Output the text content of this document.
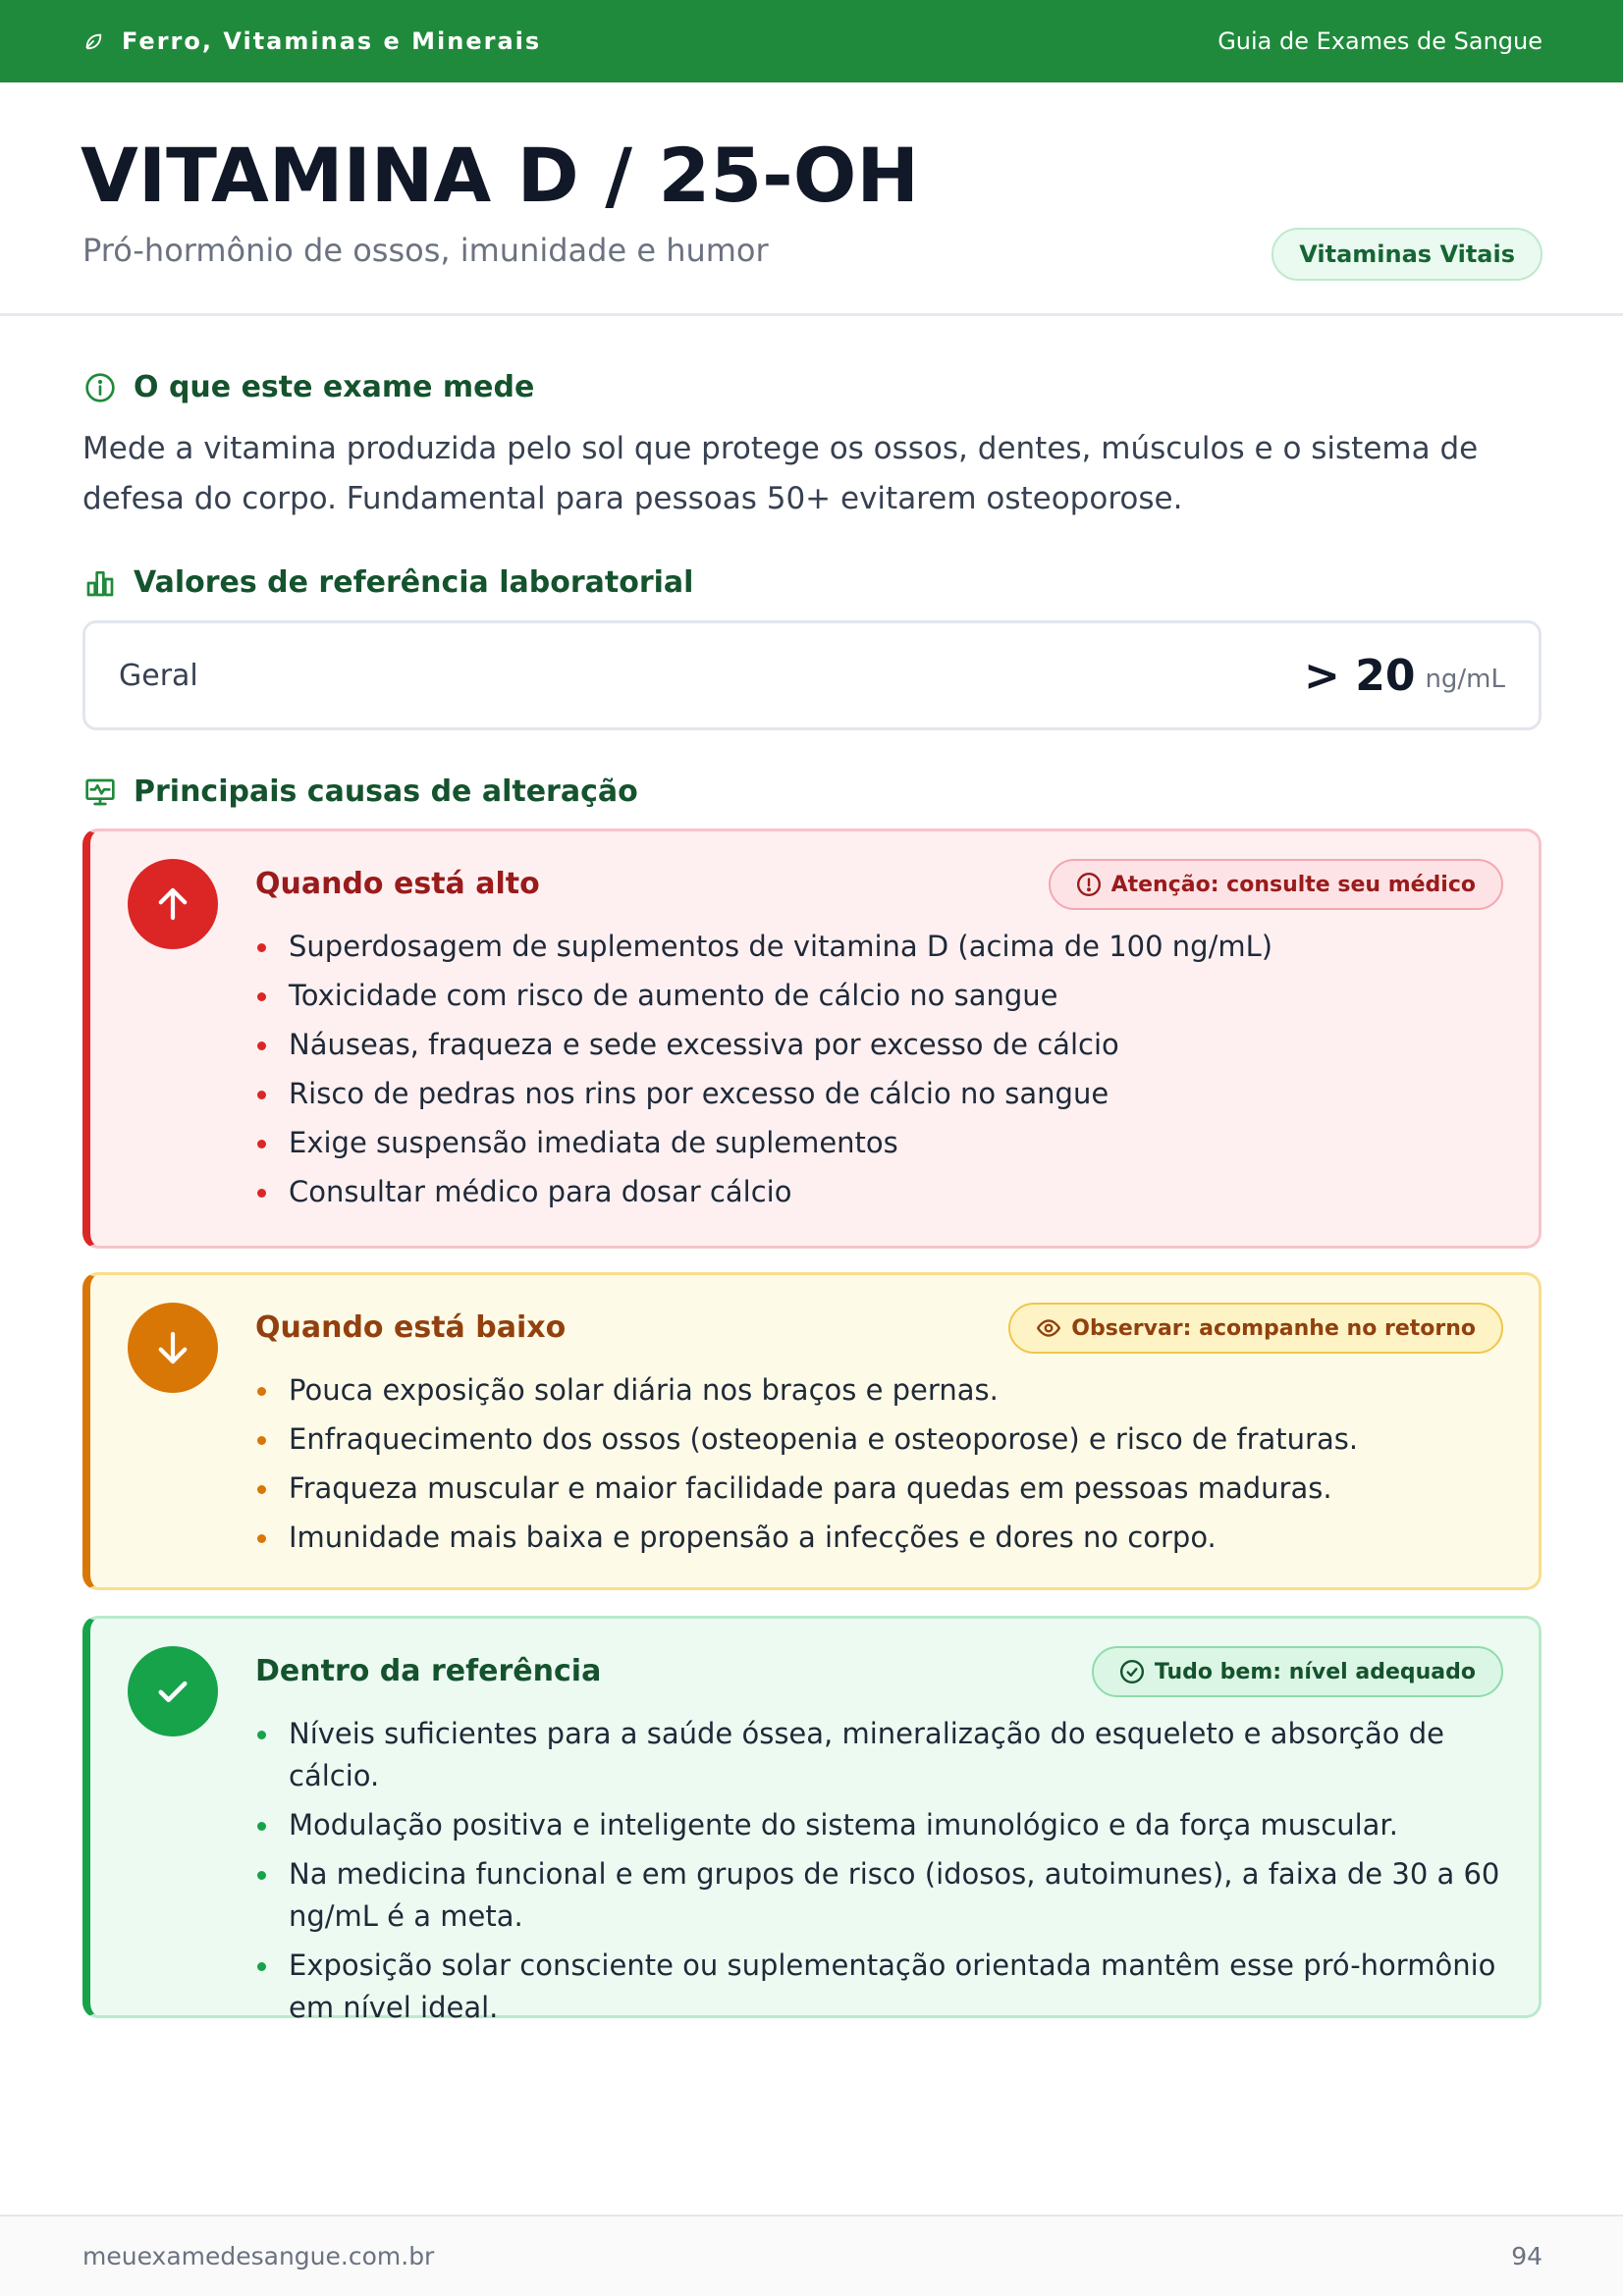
Ferro, Vitaminas e Minerais	Guia de Exames de Sangue
VITAMINA D / 25-OH
Pró-hormônio de ossos, imunidade e humor	Vitaminas Vitais
O que este exame mede
Mede a vitamina produzida pelo sol que protege os ossos, dentes, músculos e o sistema de defesa do corpo. Fundamental para pessoas 50+ evitarem osteoporose.
Valores de referência laboratorial
Geral	> 20 ng/mL
Principais causas de alteração
Quando está alto	Atenção: consulte seu médico
Superdosagem de suplementos de vitamina D (acima de 100 ng/mL)
Toxicidade com risco de aumento de cálcio no sangue
Náuseas, fraqueza e sede excessiva por excesso de cálcio
Risco de pedras nos rins por excesso de cálcio no sangue
Exige suspensão imediata de suplementos
Consultar médico para dosar cálcio
Quando está baixo	Observar: acompanhe no retorno
Pouca exposição solar diária nos braços e pernas.
Enfraquecimento dos ossos (osteopenia e osteoporose) e risco de fraturas.
Fraqueza muscular e maior facilidade para quedas em pessoas maduras.
Imunidade mais baixa e propensão a infecções e dores no corpo.
Dentro da referência	Tudo bem: nível adequado
Níveis suficientes para a saúde óssea, mineralização do esqueleto e absorção de cálcio.
Modulação positiva e inteligente do sistema imunológico e da força muscular.
Na medicina funcional e em grupos de risco (idosos, autoimunes), a faixa de 30 a 60 ng/mL é a meta.
Exposição solar consciente ou suplementação orientada mantêm esse pró-hormônio em nível ideal.
meuexamedesangue.com.br	94
